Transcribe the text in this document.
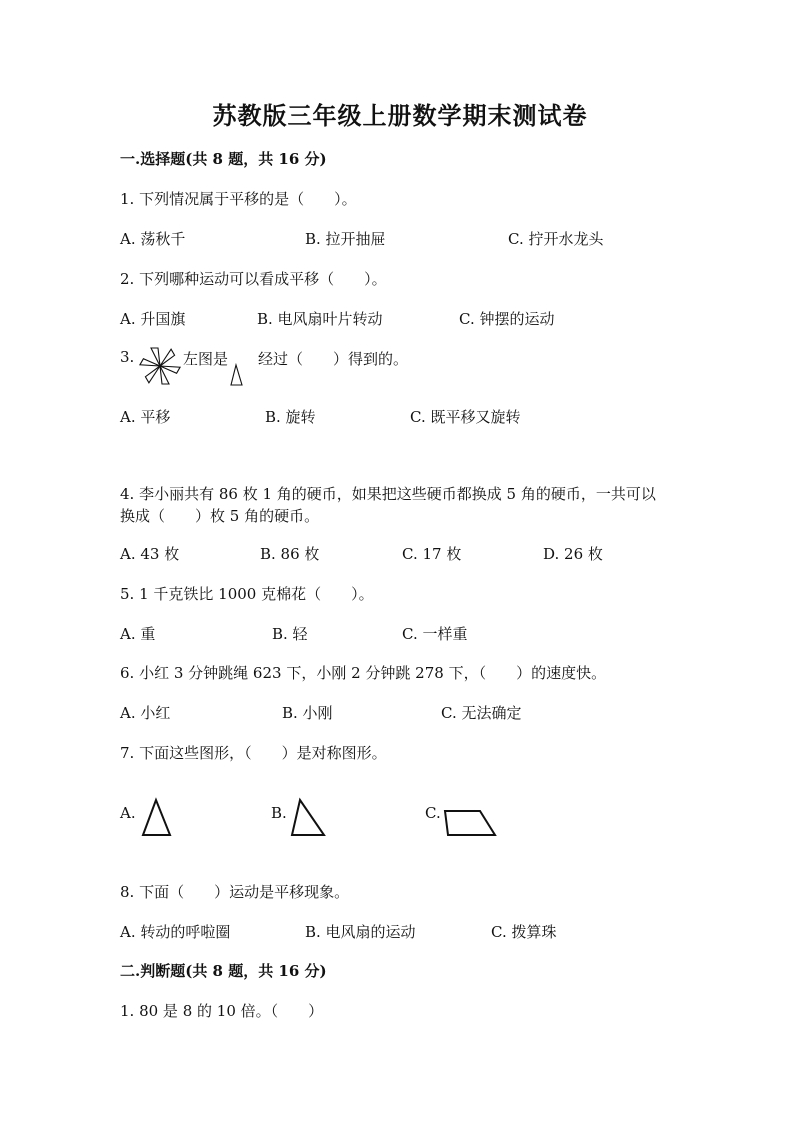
苏教版三年级上册数学期末测试卷
一.选择题(共 8 题，共 16 分)
1. 下列情况属于平移的是（　　）。
A. 荡秋千	B. 拉开抽屉	C. 拧开水龙头
2. 下列哪种运动可以看成平移（　　）。
A. 升国旗	B. 电风扇叶片转动	C. 钟摆的运动
3.	左图是 经过（　　）得到的。
A. 平移	B. 旋转	C. 既平移又旋转
4. 李小丽共有 86 枚 1 角的硬币，如果把这些硬币都换成 5 角的硬币，一共可以
换成（　　）枚 5 角的硬币。
A. 43 枚	B. 86 枚	C. 17 枚	D. 26 枚
5. 1 千克铁比 1000 克棉花（　　）。
A. 重	B. 轻	C. 一样重
6. 小红 3 分钟跳绳 623 下，小刚 2 分钟跳 278 下，（　　）的速度快。
A. 小红	B. 小刚	C. 无法确定
7. 下面这些图形，（　　）是对称图形。
A.	B.	C.
8. 下面（　　）运动是平移现象。
A. 转动的呼啦圈	B. 电风扇的运动	C. 拨算珠
二.判断题(共 8 题，共 16 分)
1. 80 是 8 的 10 倍。（　　）
